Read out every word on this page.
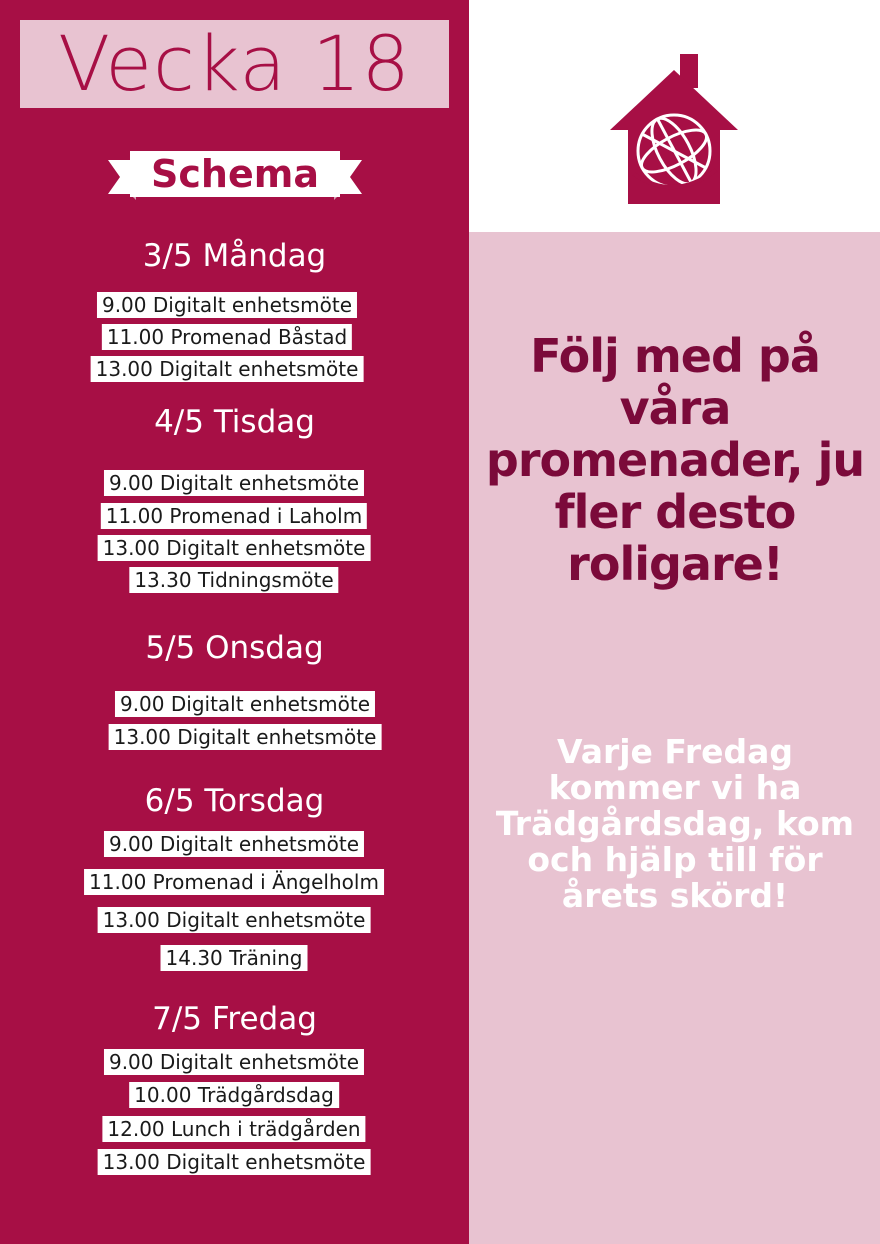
Vecka 18
Schema
3/5 Måndag
9.00 Digitalt enhetsmöte
11.00 Promenad Båstad
13.00 Digitalt enhetsmöte
4/5 Tisdag
9.00 Digitalt enhetsmöte
11.00 Promenad i Laholm
13.00 Digitalt enhetsmöte
13.30 Tidningsmöte
5/5 Onsdag
9.00 Digitalt enhetsmöte
13.00 Digitalt enhetsmöte
6/5 Torsdag
9.00 Digitalt enhetsmöte
11.00 Promenad i Ängelholm
13.00 Digitalt enhetsmöte
14.30 Träning
7/5 Fredag
9.00 Digitalt enhetsmöte
10.00 Trädgårdsdag
12.00 Lunch i trädgården
13.00 Digitalt enhetsmöte
Följ med på våra promenader, ju fler desto roligare!
Varje Fredag kommer vi ha Trädgårdsdag, kom och hjälp till för årets skörd!
